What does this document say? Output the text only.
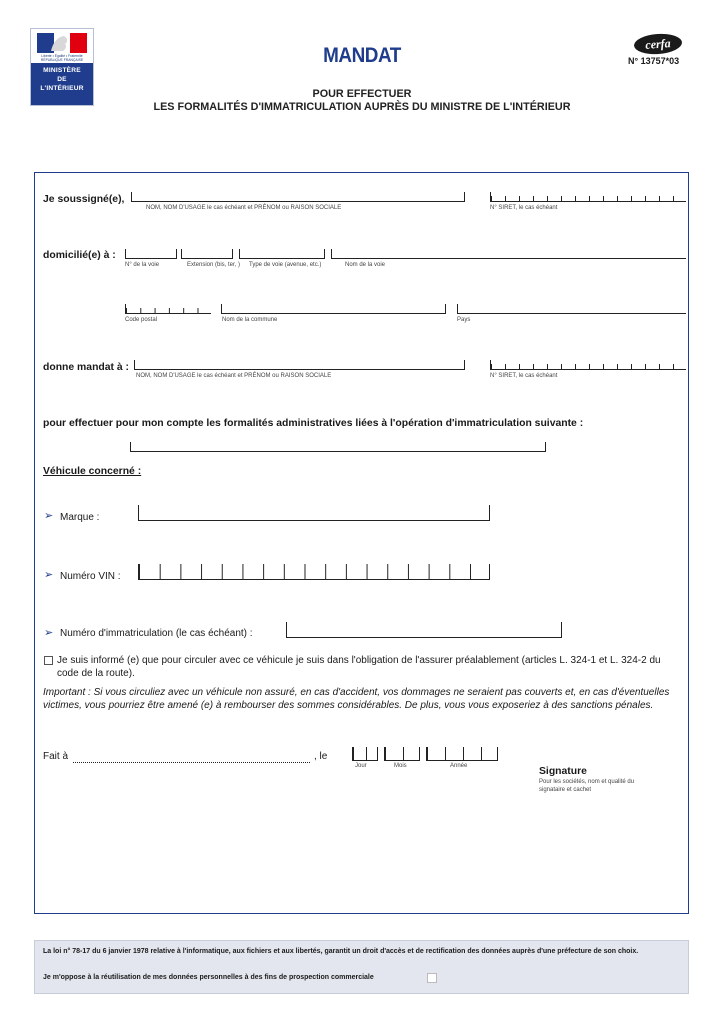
Liberté • Égalité • Fraternité RÉPUBLIQUE FRANÇAISE
MINISTÈRE
DE
L'INTÉRIEUR
MANDAT
POUR EFFECTUER
LES FORMALITÉS D'IMMATRICULATION AUPRÈS DU MINISTRE DE L'INTÉRIEUR
cerfa
N° 13757*03
Je soussigné(e),
NOM, NOM D'USAGE le cas échéant et PRÉNOM ou RAISON SOCIALE	N° SIRET, le cas échéant
domicilié(e) à :
N° de la voie	Extension (bis, ter, ) Type de voie (avenue, etc.)	Nom de la voie
Code postal	Nom de la commune	Pays
donne mandat à :
NOM, NOM D'USAGE le cas échéant et PRÉNOM ou RAISON SOCIALE	N° SIRET, le cas échéant
pour effectuer pour mon compte les formalités administratives liées à l'opération d'immatriculation suivante :
Véhicule concerné :
➢ Marque :
➢ Numéro VIN :
➢ Numéro d'immatriculation (le cas échéant) :
Je suis informé (e) que pour circuler avec ce véhicule je suis dans l'obligation de l'assurer préalablement (articles L. 324-1 et L. 324-2 du code de la route).
Important : Si vous circuliez avec un véhicule non assuré, en cas d'accident, vos dommages ne seraient pas couverts et, en cas d'éventuelles victimes, vous pourriez être amené (e) à rembourser des sommes considérables. De plus, vous vous exposeriez à des sanctions pénales.
Fait à	, le
Jour	Mois	Année	Signature
Pour les sociétés, nom et qualité du signataire et cachet
La loi n° 78-17 du 6 janvier 1978 relative à l'informatique, aux fichiers et aux libertés, garantit un droit d'accès et de rectification des données auprès d'une préfecture de son choix.
Je m'oppose à la réutilisation de mes données personnelles à des fins de prospection commerciale
